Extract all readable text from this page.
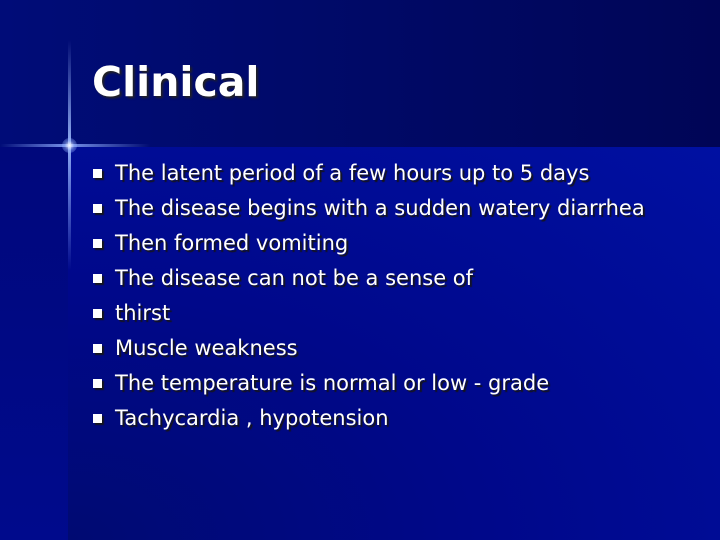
Clinical
The latent period of a few hours up to 5 days
The disease begins with a sudden watery diarrhea
Then formed vomiting
The disease can not be a sense of
thirst
Muscle weakness
The temperature is normal or low - grade
Tachycardia , hypotension
